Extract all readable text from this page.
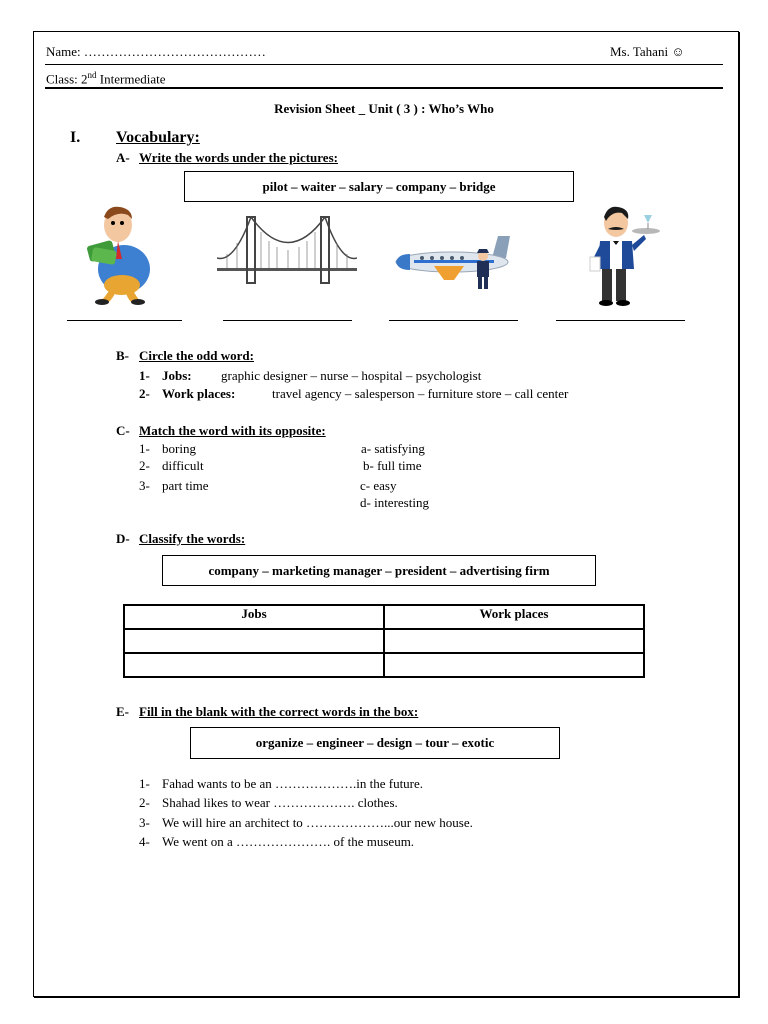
Name: ……………………………………	Ms. Tahani ☺
Class: 2nd Intermediate
Revision Sheet _ Unit ( 3 ) : Who’s Who
I. Vocabulary:
A- Write the words under the pictures:
pilot – waiter – salary – company – bridge
B- Circle the odd word:
1- Jobs: graphic designer – nurse – hospital – psychologist
2- Work places:	travel agency – salesperson – furniture store – call center
C- Match the word with its opposite:
1- boring
2- difficult
3- part time
a- satisfying
b- full time
c- easy
d- interesting
D- Classify the words:
company – marketing manager – president – advertising firm
Jobs	Work places

E- Fill in the blank with the correct words in the box:
organize – engineer – design – tour – exotic
1- Fahad wants to be an ……………….in the future.
2- Shahad likes to wear ………………. clothes.
3- We will hire an architect to ………………...our new house.
4- We went on a …………………. of the museum.
